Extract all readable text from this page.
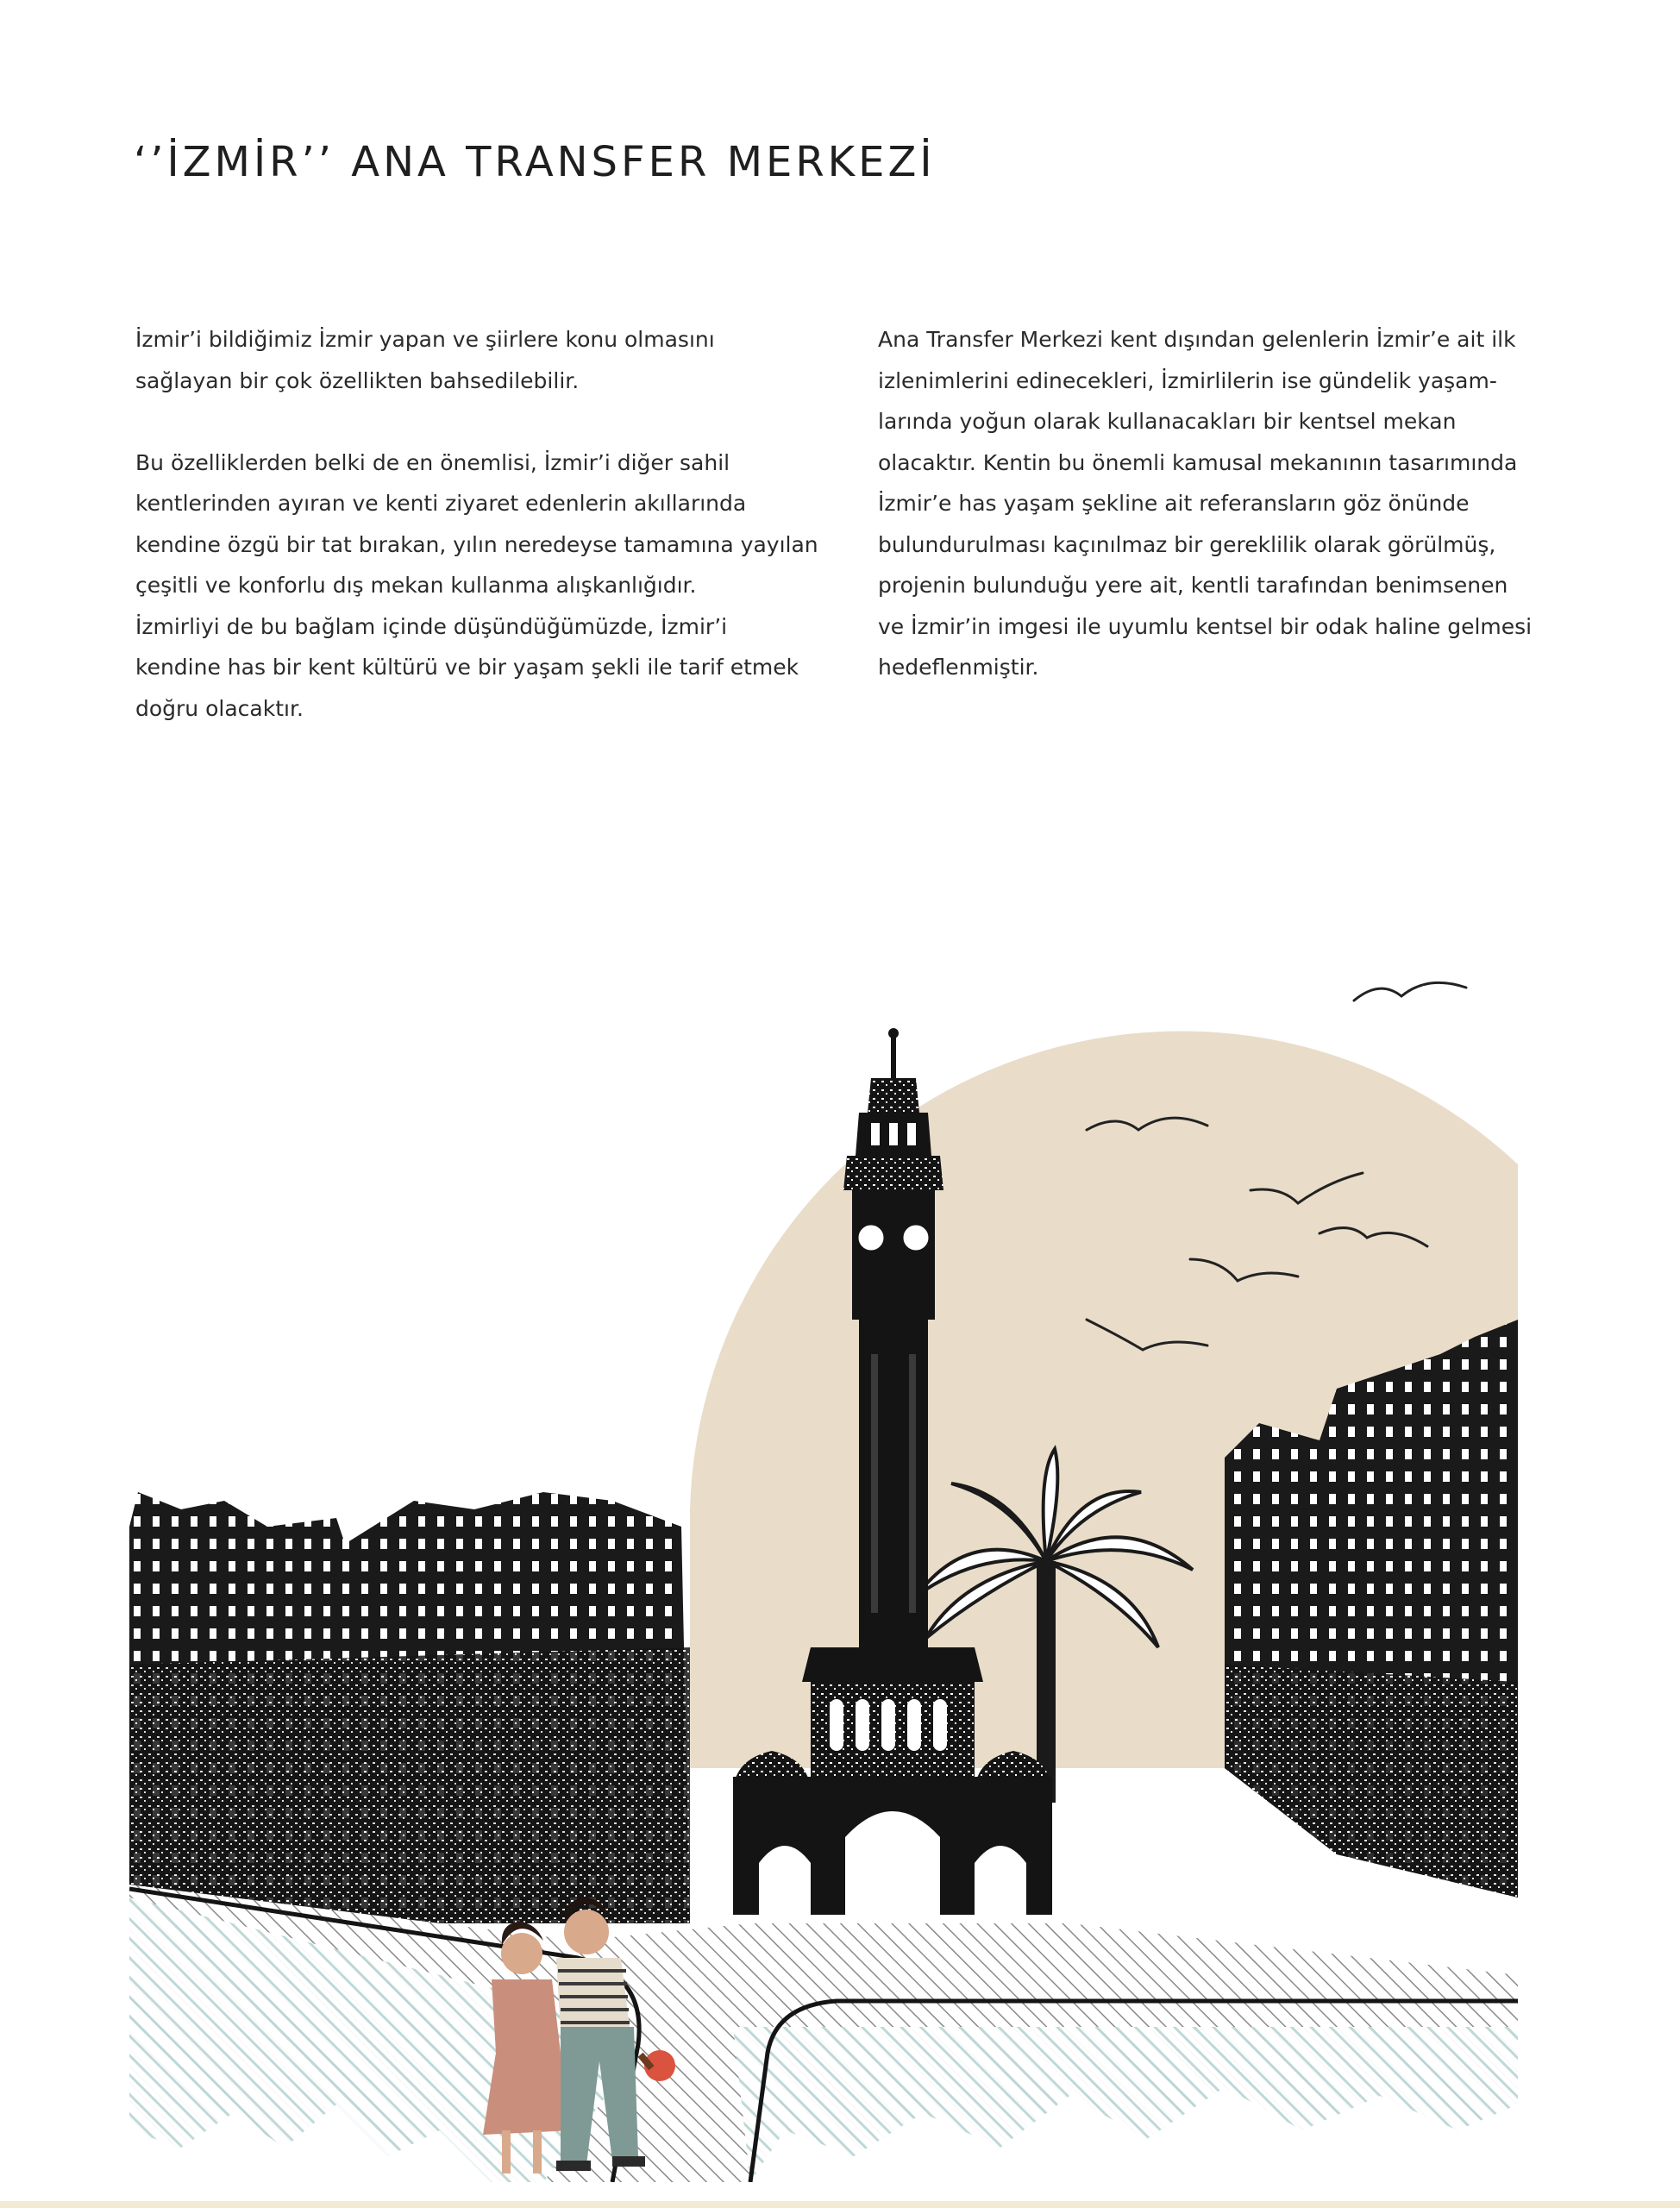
‘’İZMİR’’ ANA TRANSFER MERKEZİ

İzmir’i bildiğimiz İzmir yapan ve şiirlere konu olmasını
sağlayan bir çok özellikten bahsedilebilir.

Bu özelliklerden belki de en önemlisi, İzmir’i diğer sahil
kentlerinden ayıran ve kenti ziyaret edenlerin akıllarında
kendine özgü bir tat bırakan, yılın neredeyse tamamına yayılan
çeşitli ve konforlu dış mekan kullanma alışkanlığıdır.
İzmirliyi de bu bağlam içinde düşündüğümüzde, İzmir’i
kendine has bir kent kültürü ve bir yaşam şekli ile tarif etmek
doğru olacaktır.

Ana Transfer Merkezi kent dışından gelenlerin İzmir’e ait ilk
izlenimlerini edinecekleri, İzmirlilerin ise gündelik yaşam-
larında yoğun olarak kullanacakları bir kentsel mekan
olacaktır. Kentin bu önemli kamusal mekanının tasarımında
İzmir’e has yaşam şekline ait referansların göz önünde
bulundurulması kaçınılmaz bir gereklilik olarak görülmüş,
projenin bulunduğu yere ait, kentli tarafından benimsenen
ve İzmir’in imgesi ile uyumlu kentsel bir odak haline gelmesi
hedeflenmiştir.
